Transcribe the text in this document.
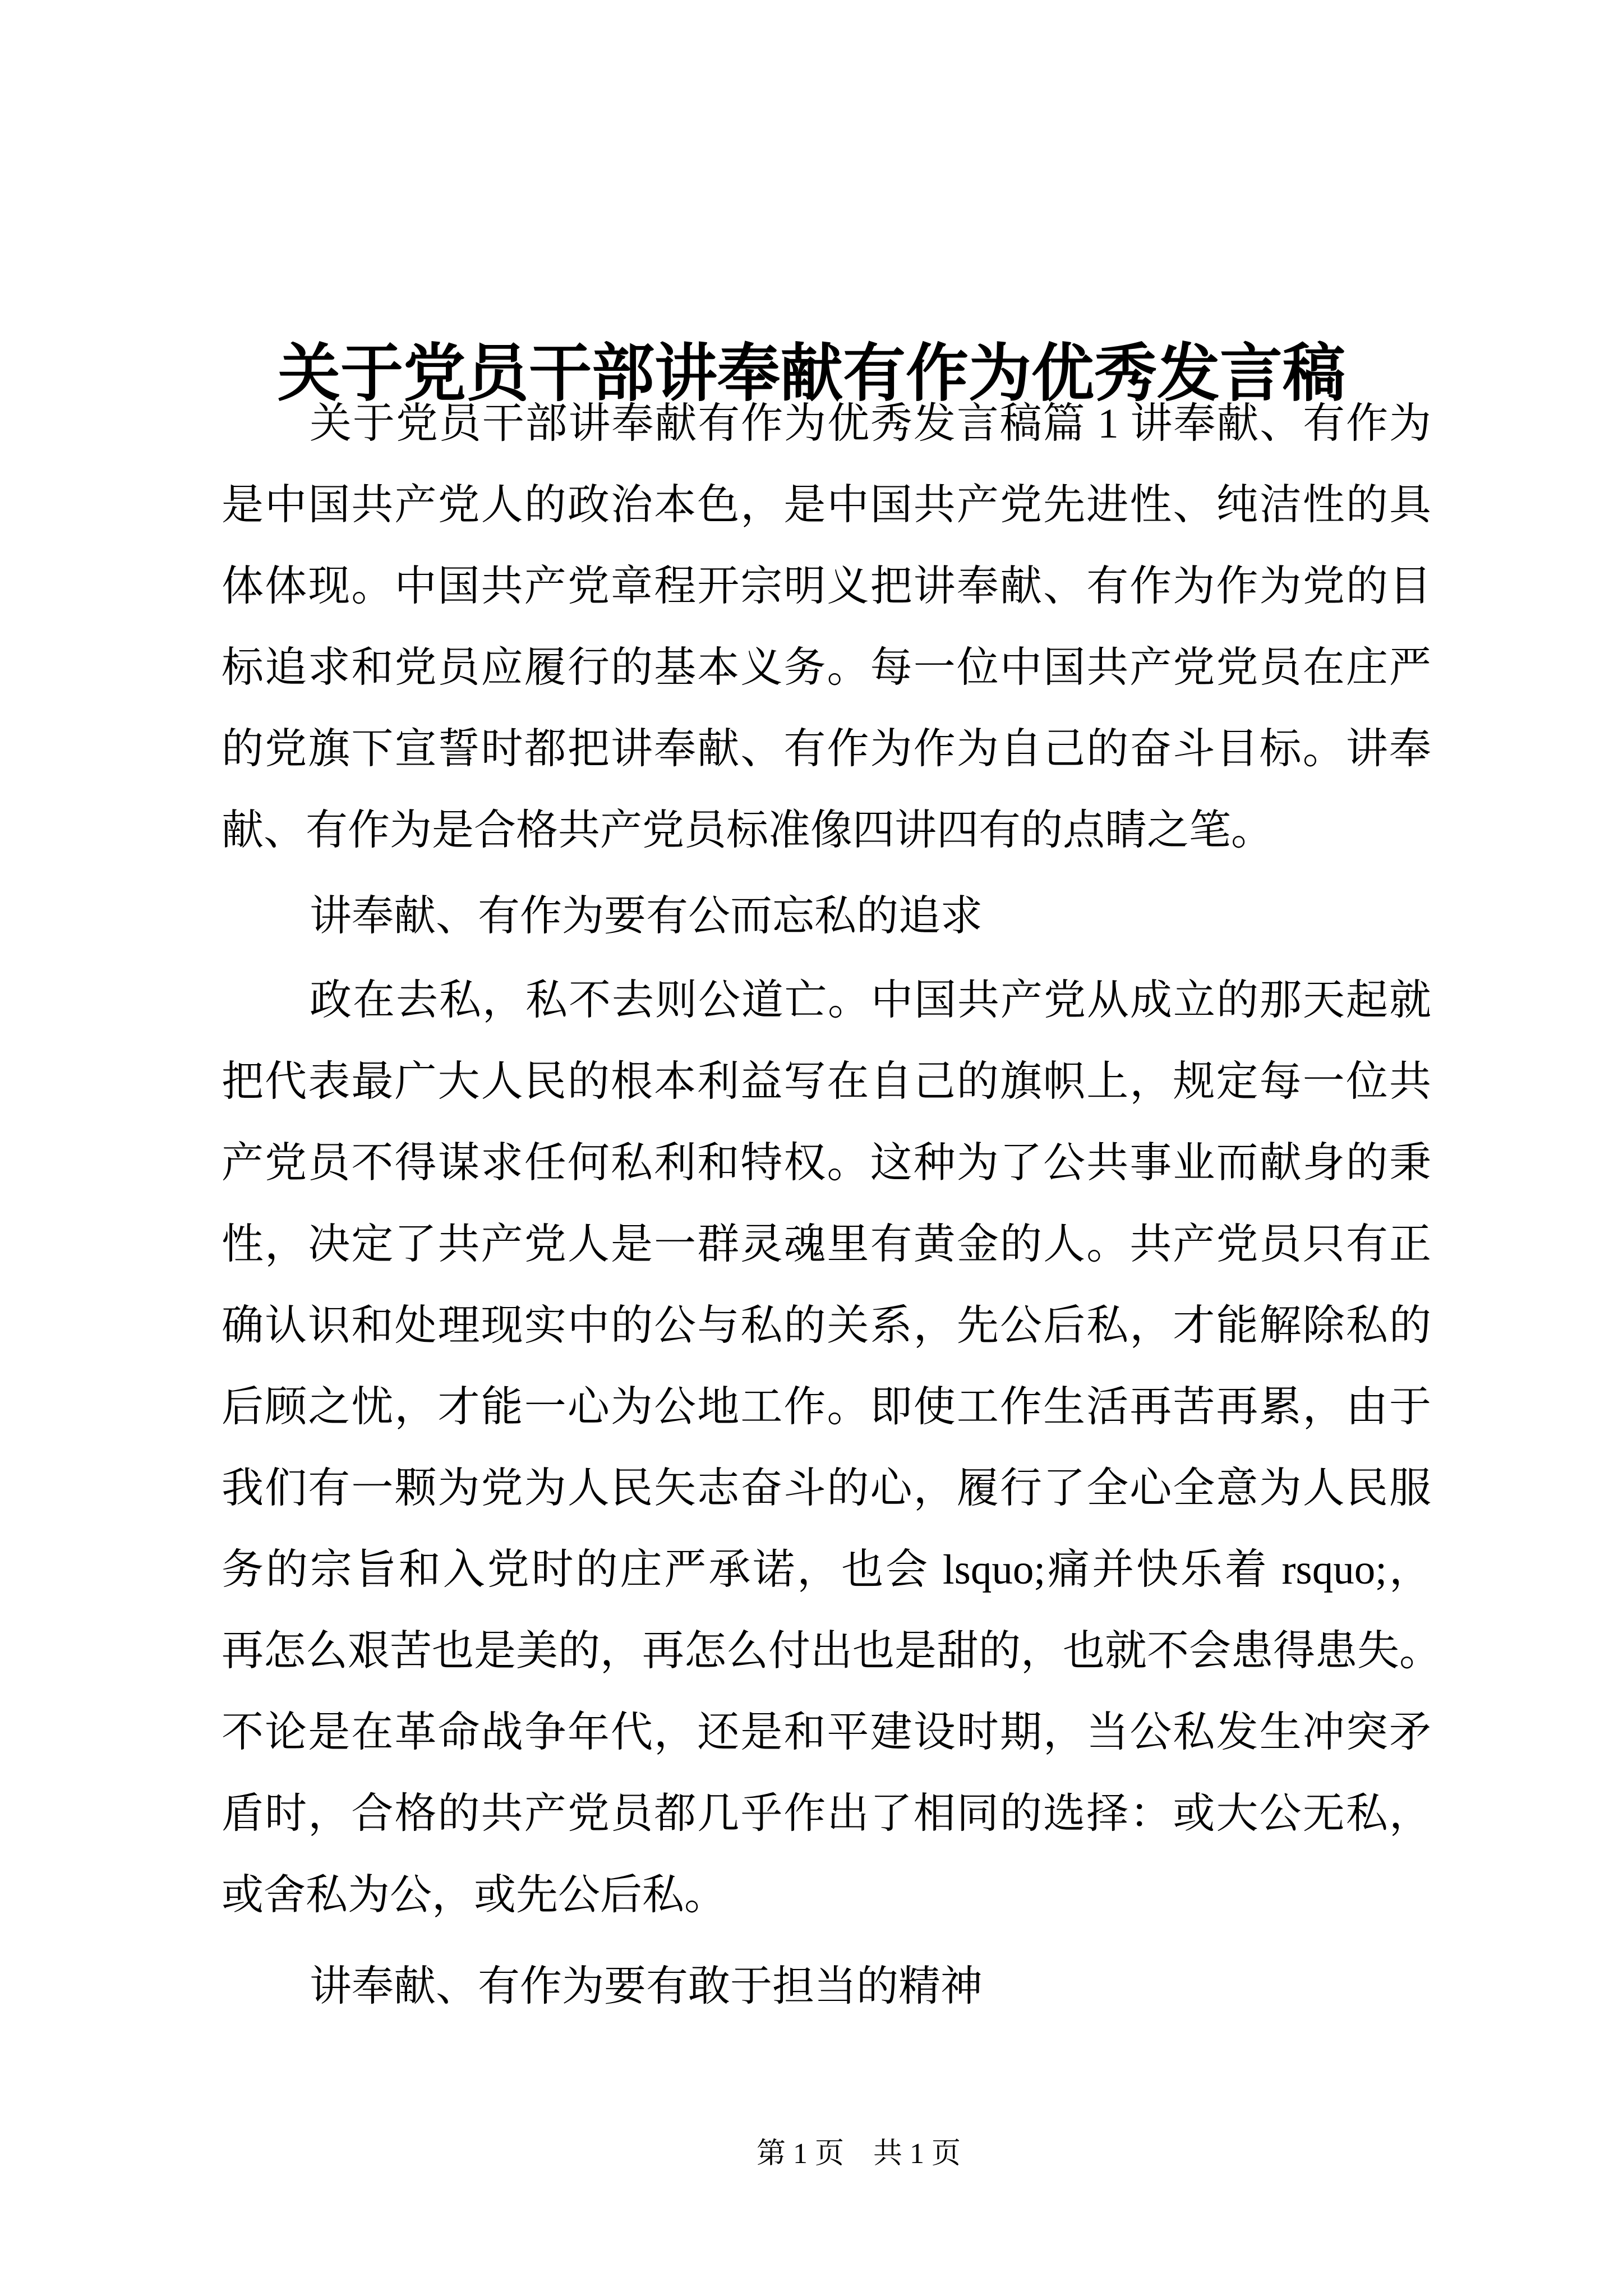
关于党员干部讲奉献有作为优秀发言稿
关于党员干部讲奉献有作为优秀发言稿篇 1 讲奉献、有作为
是中国共产党人的政治本色，是中国共产党先进性、纯洁性的具
体体现。中国共产党章程开宗明义把讲奉献、有作为作为党的目
标追求和党员应履行的基本义务。每一位中国共产党党员在庄严
的党旗下宣誓时都把讲奉献、有作为作为自己的奋斗目标。讲奉
献、有作为是合格共产党员标准像四讲四有的点睛之笔。
讲奉献、有作为要有公而忘私的追求
政在去私，私不去则公道亡。中国共产党从成立的那天起就
把代表最广大人民的根本利益写在自己的旗帜上，规定每一位共
产党员不得谋求任何私利和特权。这种为了公共事业而献身的秉
性，决定了共产党人是一群灵魂里有黄金的人。共产党员只有正
确认识和处理现实中的公与私的关系，先公后私，才能解除私的
后顾之忧，才能一心为公地工作。即使工作生活再苦再累，由于
我们有一颗为党为人民矢志奋斗的心，履行了全心全意为人民服
务的宗旨和入党时的庄严承诺，也会 lsquo;痛并快乐着 rsquo;，
再怎么艰苦也是美的，再怎么付出也是甜的，也就不会患得患失。
不论是在革命战争年代，还是和平建设时期，当公私发生冲突矛
盾时，合格的共产党员都几乎作出了相同的选择：或大公无私，
或舍私为公，或先公后私。
讲奉献、有作为要有敢于担当的精神
第 1 页 共 1 页
